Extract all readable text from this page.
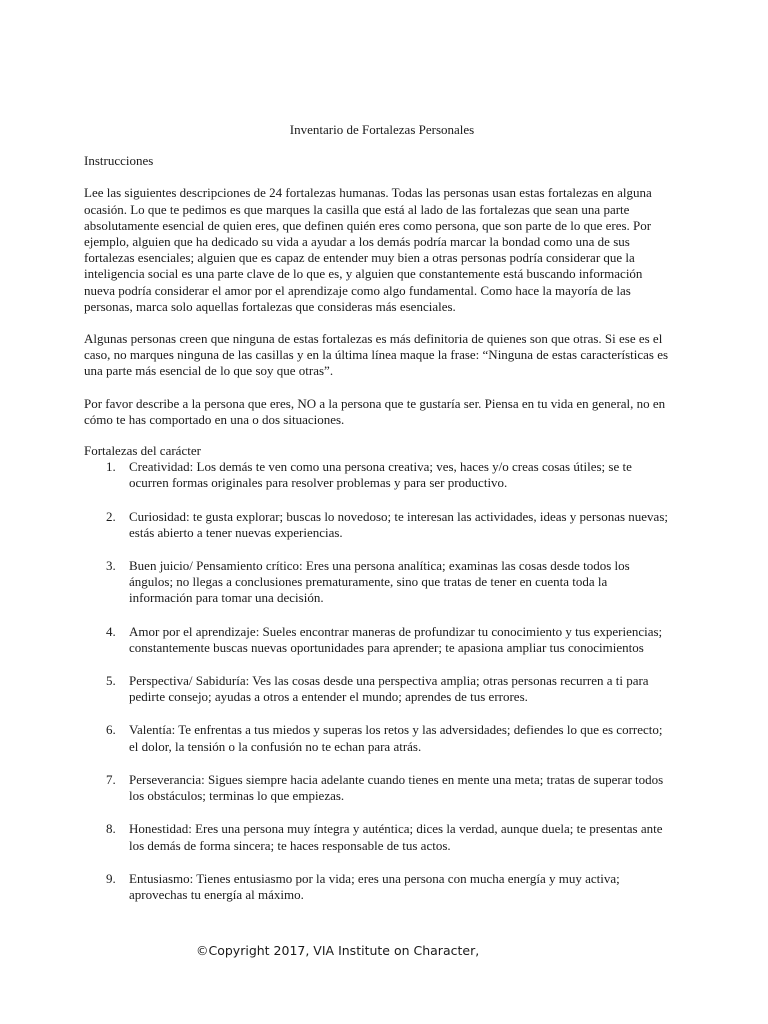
Inventario de Fortalezas Personales
Instrucciones
Lee las siguientes descripciones de 24 fortalezas humanas. Todas las personas usan estas fortalezas en alguna ocasión. Lo que te pedimos es que marques la casilla que está al lado de las fortalezas que sean una parte absolutamente esencial de quien eres, que definen quién eres como persona, que son parte de lo que eres. Por ejemplo, alguien que ha dedicado su vida a ayudar a los demás podría marcar la bondad como una de sus fortalezas esenciales; alguien que es capaz de entender muy bien a otras personas podría considerar que la inteligencia social es una parte clave de lo que es, y alguien que constantemente está buscando información nueva podría considerar el amor por el aprendizaje como algo fundamental. Como hace la mayoría de las personas, marca solo aquellas fortalezas que consideras más esenciales.
Algunas personas creen que ninguna de estas fortalezas es más definitoria de quienes son que otras. Si ese es el caso, no marques ninguna de las casillas y en la última línea maque la frase: “Ninguna de estas características es una parte más esencial de lo que soy que otras”.
Por favor describe a la persona que eres, NO a la persona que te gustaría ser. Piensa en tu vida en general, no en cómo te has comportado en una o dos situaciones.
Fortalezas del carácter
1. Creatividad: Los demás te ven como una persona creativa; ves, haces y/o creas cosas útiles; se te ocurren formas originales para resolver problemas y para ser productivo.
2. Curiosidad: te gusta explorar; buscas lo novedoso; te interesan las actividades, ideas y personas nuevas; estás abierto a tener nuevas experiencias.
3. Buen juicio/ Pensamiento crítico: Eres una persona analítica; examinas las cosas desde todos los ángulos; no llegas a conclusiones prematuramente, sino que tratas de tener en cuenta toda la información para tomar una decisión.
4. Amor por el aprendizaje: Sueles encontrar maneras de profundizar tu conocimiento y tus experiencias; constantemente buscas nuevas oportunidades para aprender; te apasiona ampliar tus conocimientos
5. Perspectiva/ Sabiduría: Ves las cosas desde una perspectiva amplia; otras personas recurren a ti para pedirte consejo; ayudas a otros a entender el mundo; aprendes de tus errores.
6. Valentía: Te enfrentas a tus miedos y superas los retos y las adversidades; defiendes lo que es correcto; el dolor, la tensión o la confusión no te echan para atrás.
7. Perseverancia: Sigues siempre hacia adelante cuando tienes en mente una meta; tratas de superar todos los obstáculos; terminas lo que empiezas.
8. Honestidad: Eres una persona muy íntegra y auténtica; dices la verdad, aunque duela; te presentas ante los demás de forma sincera; te haces responsable de tus actos.
9. Entusiasmo: Tienes entusiasmo por la vida; eres una persona con mucha energía y muy activa; aprovechas tu energía al máximo.
©Copyright 2017, VIA Institute on Character,
